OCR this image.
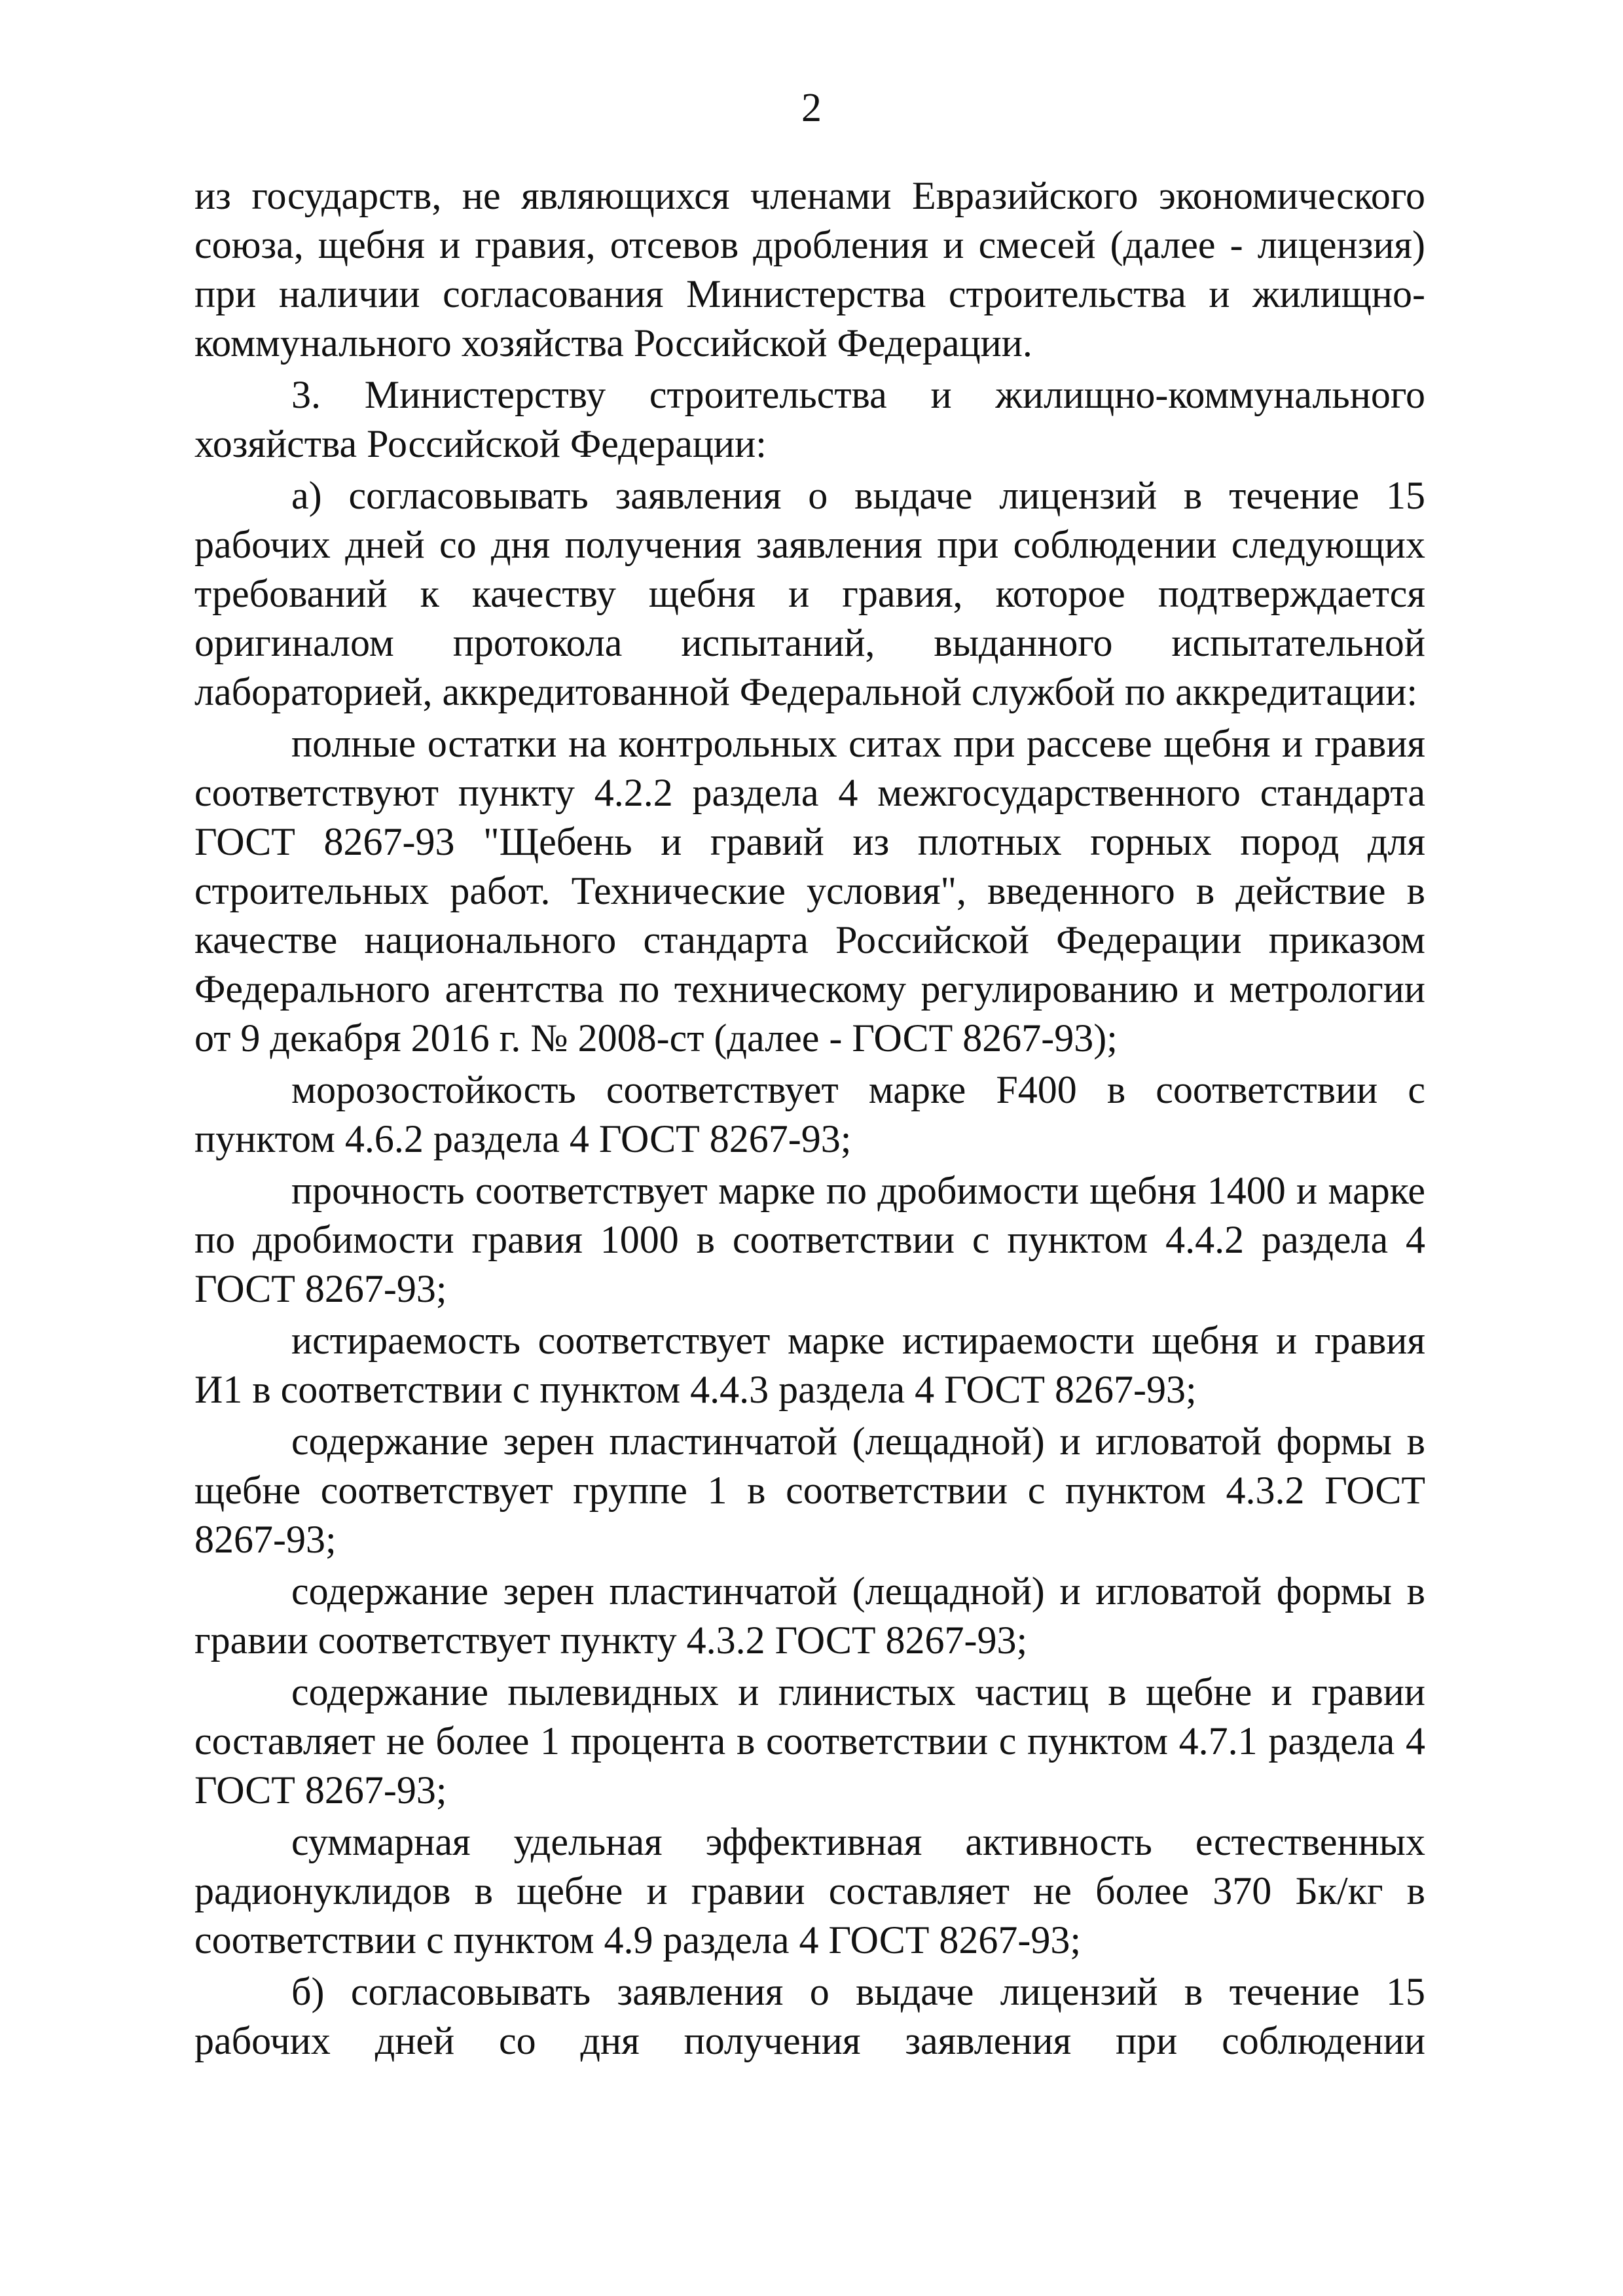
2

из государств, не являющихся членами Евразийского экономического союза, щебня и гравия, отсевов дробления и смесей (далее - лицензия) при наличии согласования Министерства строительства и жилищно-коммунального хозяйства Российской Федерации.

3. Министерству строительства и жилищно-коммунального хозяйства Российской Федерации:

а) согласовывать заявления о выдаче лицензий в течение 15 рабочих дней со дня получения заявления при соблюдении следующих требований к качеству щебня и гравия, которое подтверждается оригиналом протокола испытаний, выданного испытательной лабораторией, аккредитованной Федеральной службой по аккредитации:

полные остатки на контрольных ситах при рассеве щебня и гравия соответствуют пункту 4.2.2 раздела 4 межгосударственного стандарта ГОСТ 8267-93 "Щебень и гравий из плотных горных пород для строительных работ. Технические условия", введенного в действие в качестве национального стандарта Российской Федерации приказом Федерального агентства по техническому регулированию и метрологии от 9 декабря 2016 г. № 2008-ст (далее - ГОСТ 8267-93);

морозостойкость соответствует марке F400 в соответствии с пунктом 4.6.2 раздела 4 ГОСТ 8267-93;

прочность соответствует марке по дробимости щебня 1400 и марке по дробимости гравия 1000 в соответствии с пунктом 4.4.2 раздела 4 ГОСТ 8267-93;

истираемость соответствует марке истираемости щебня и гравия И1 в соответствии с пунктом 4.4.3 раздела 4 ГОСТ 8267-93;

содержание зерен пластинчатой (лещадной) и игловатой формы в щебне соответствует группе 1 в соответствии с пунктом 4.3.2 ГОСТ 8267-93;

содержание зерен пластинчатой (лещадной) и игловатой формы в гравии соответствует пункту 4.3.2 ГОСТ 8267-93;

содержание пылевидных и глинистых частиц в щебне и гравии составляет не более 1 процента в соответствии с пунктом 4.7.1 раздела 4 ГОСТ 8267-93;

суммарная удельная эффективная активность естественных радионуклидов в щебне и гравии составляет не более 370 Бк/кг в соответствии с пунктом 4.9 раздела 4 ГОСТ 8267-93;

б) согласовывать заявления о выдаче лицензий в течение 15 рабочих дней со дня получения заявления при соблюдении
